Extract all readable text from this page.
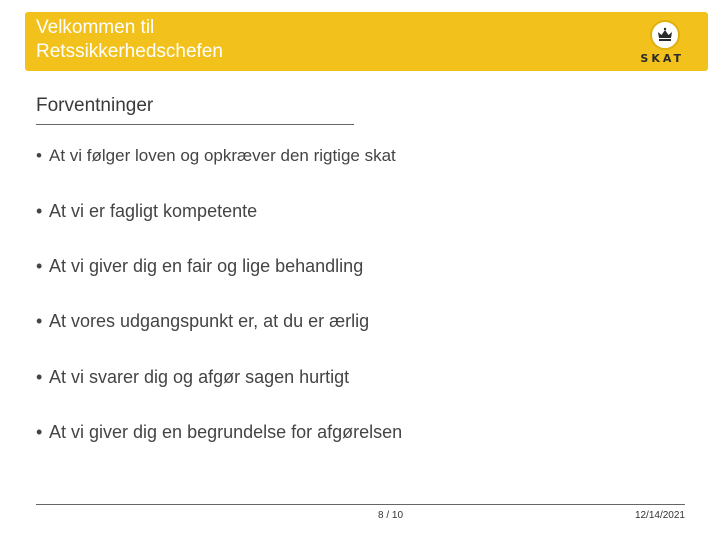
Velkommen til
Retssikkerhedschefen	SKAT

Forventninger
• At vi følger loven og opkræver den rigtige skat
• At vi er fagligt kompetente
• At vi giver dig en fair og lige behandling
• At vores udgangspunkt er, at du er ærlig
• At vi svarer dig og afgør sagen hurtigt
• At vi giver dig en begrundelse for afgørelsen
8 / 10	12/14/2021
